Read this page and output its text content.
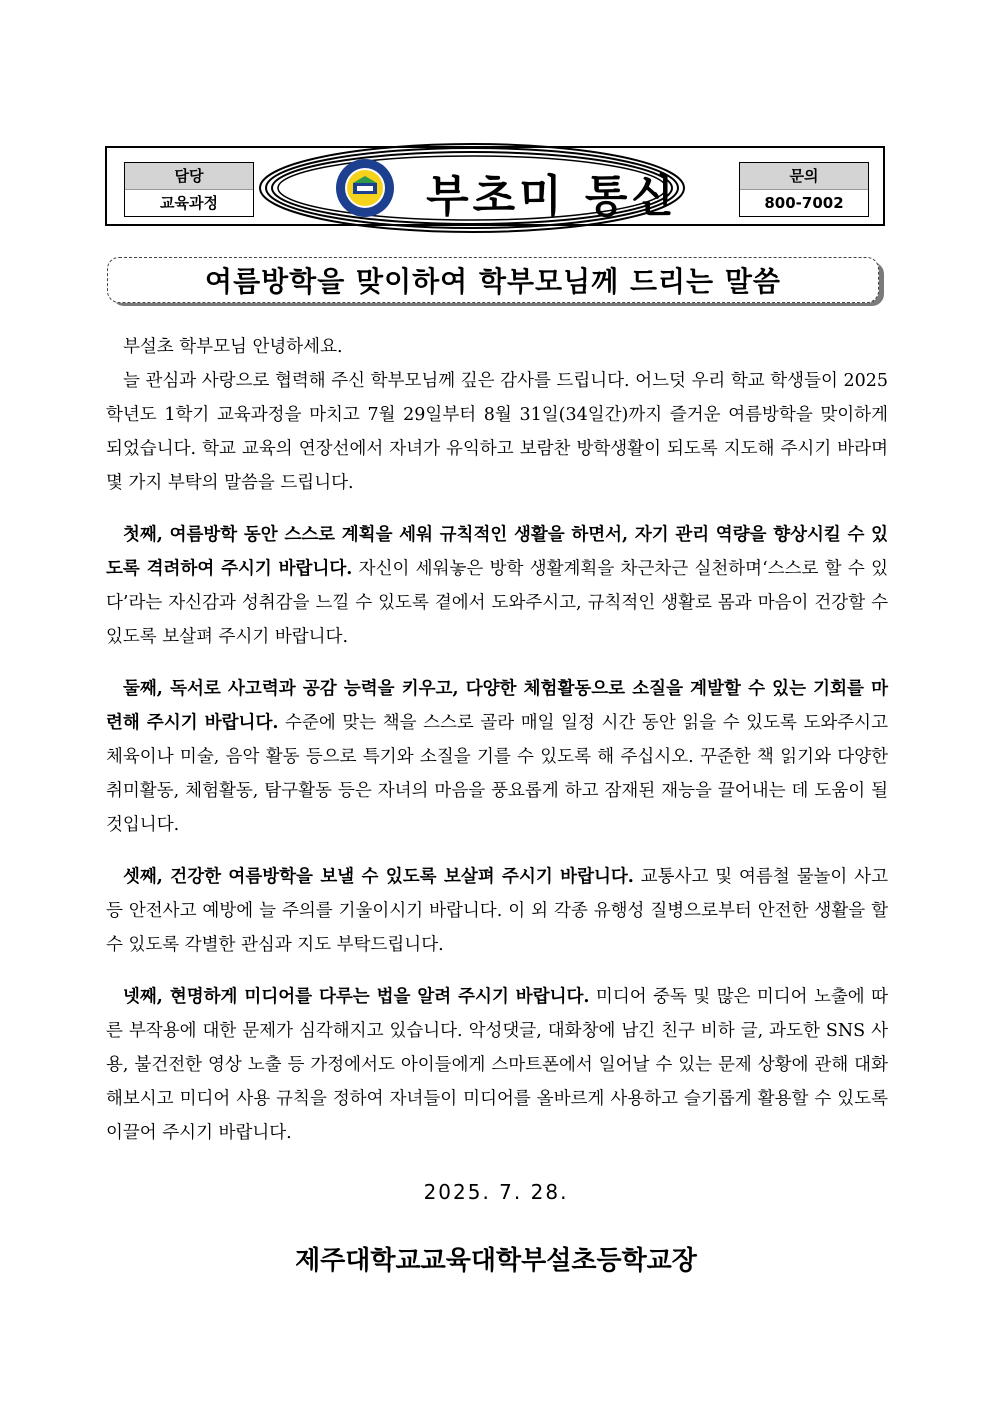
담당
교육과정	부초미 통신	문의
800-7002
여름방학을 맞이하여 학부모님께 드리는 말씀

부설초 학부모님 안녕하세요.

늘 관심과 사랑으로 협력해 주신 학부모님께 깊은 감사를 드립니다. 어느덧 우리 학교 학생들이 2025학년도 1학기 교육과정을 마치고 7월 29일부터 8월 31일(34일간)까지 즐거운 여름방학을 맞이하게 되었습니다. 학교 교육의 연장선에서 자녀가 유익하고 보람찬 방학생활이 되도록 지도해 주시기 바라며 몇 가지 부탁의 말씀을 드립니다.

첫째, 여름방학 동안 스스로 계획을 세워 규칙적인 생활을 하면서, 자기 관리 역량을 향상시킬 수 있도록 격려하여 주시기 바랍니다. 자신이 세워놓은 방학 생활계획을 차근차근 실천하며‘스스로 할 수 있다’라는 자신감과 성취감을 느낄 수 있도록 곁에서 도와주시고, 규칙적인 생활로 몸과 마음이 건강할 수 있도록 보살펴 주시기 바랍니다.

둘째, 독서로 사고력과 공감 능력을 키우고, 다양한 체험활동으로 소질을 계발할 수 있는 기회를 마련해 주시기 바랍니다. 수준에 맞는 책을 스스로 골라 매일 일정 시간 동안 읽을 수 있도록 도와주시고 체육이나 미술, 음악 활동 등으로 특기와 소질을 기를 수 있도록 해 주십시오. 꾸준한 책 읽기와 다양한 취미활동, 체험활동, 탐구활동 등은 자녀의 마음을 풍요롭게 하고 잠재된 재능을 끌어내는 데 도움이 될 것입니다.

셋째, 건강한 여름방학을 보낼 수 있도록 보살펴 주시기 바랍니다. 교통사고 및 여름철 물놀이 사고 등 안전사고 예방에 늘 주의를 기울이시기 바랍니다. 이 외 각종 유행성 질병으로부터 안전한 생활을 할 수 있도록 각별한 관심과 지도 부탁드립니다.

넷째, 현명하게 미디어를 다루는 법을 알려 주시기 바랍니다. 미디어 중독 및 많은 미디어 노출에 따른 부작용에 대한 문제가 심각해지고 있습니다. 악성댓글, 대화창에 남긴 친구 비하 글, 과도한 SNS 사용, 불건전한 영상 노출 등 가정에서도 아이들에게 스마트폰에서 일어날 수 있는 문제 상황에 관해 대화해보시고 미디어 사용 규칙을 정하여 자녀들이 미디어를 올바르게 사용하고 슬기롭게 활용할 수 있도록 이끌어 주시기 바랍니다.

2025. 7. 28.
제주대학교교육대학부설초등학교장
